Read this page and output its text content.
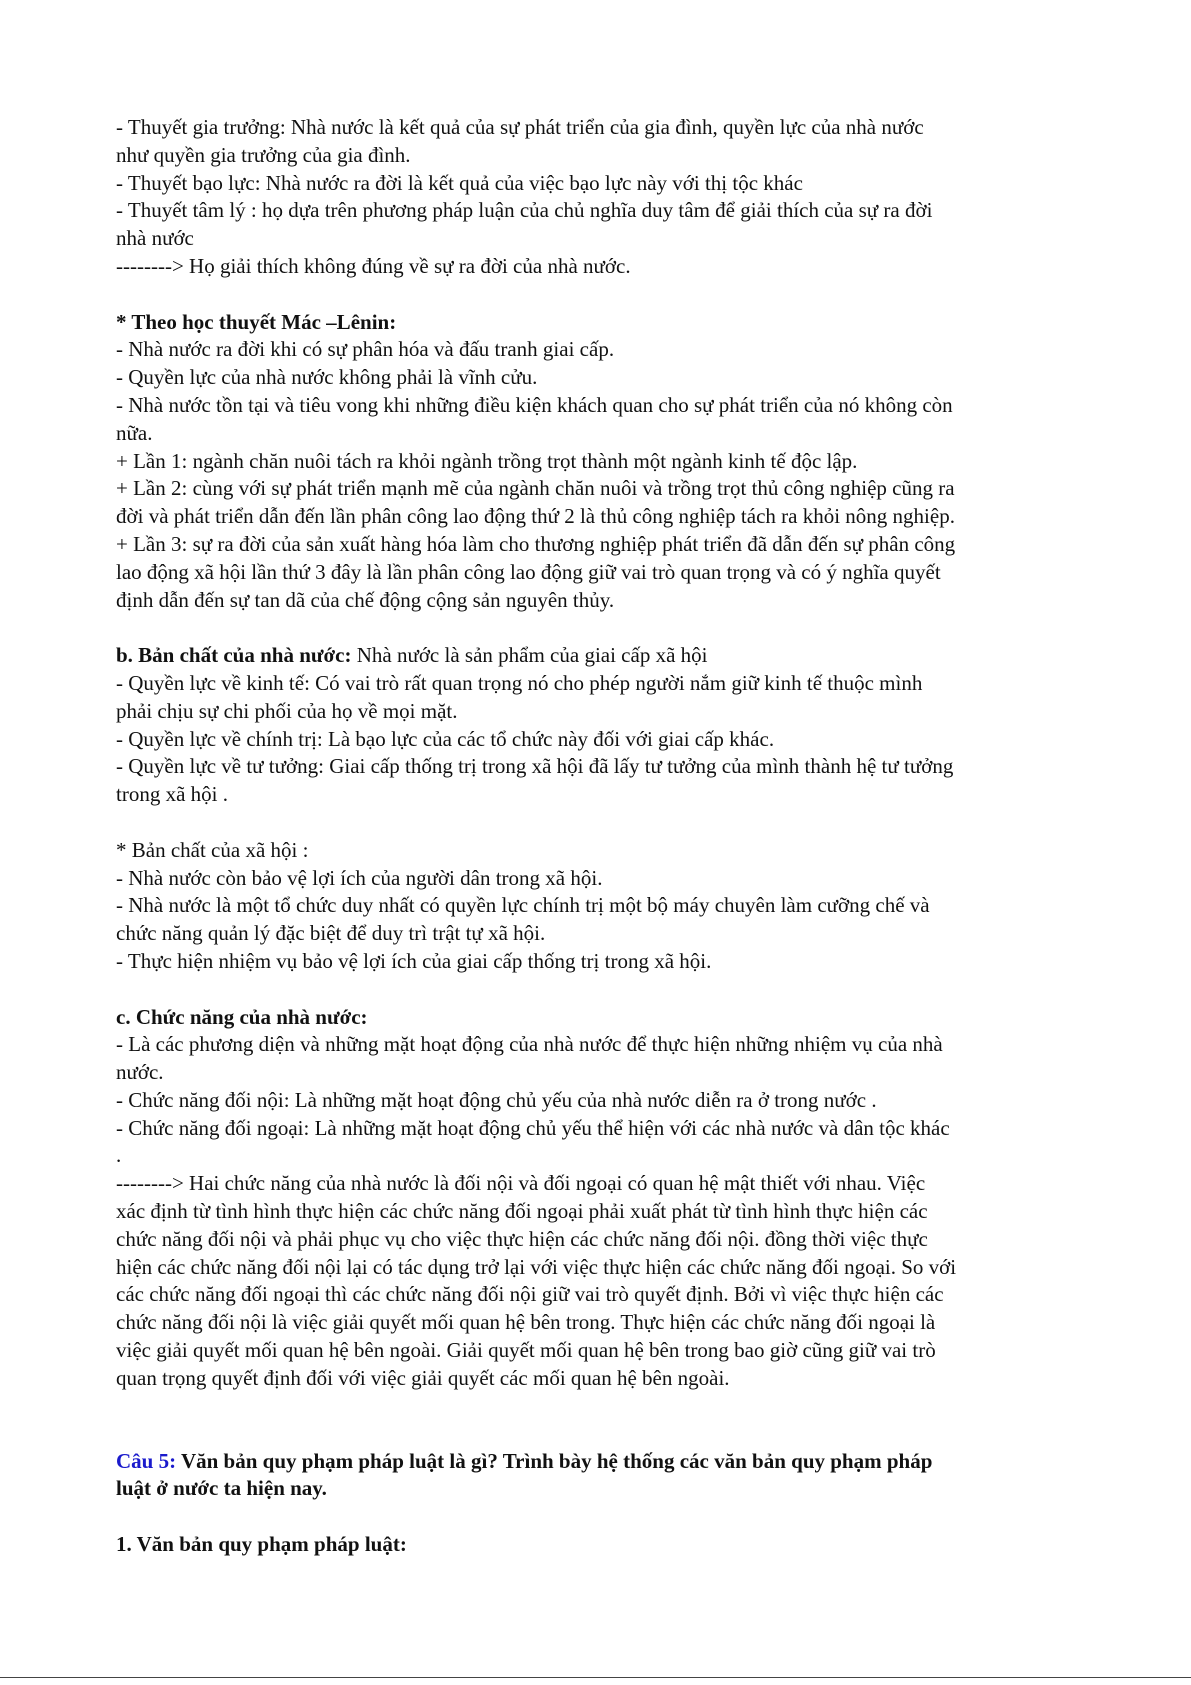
- Thuyết gia trưởng: Nhà nước là kết quả của sự phát triển của gia đình, quyền lực của nhà nước
như quyền gia trưởng của gia đình.
- Thuyết bạo lực: Nhà nước ra đời là kết quả của việc bạo lực này với thị tộc khác
- Thuyết tâm lý : họ dựa trên phương pháp luận của chủ nghĩa duy tâm để giải thích của sự ra đời
nhà nước
--------> Họ giải thích không đúng về sự ra đời của nhà nước.
* Theo học thuyết Mác –Lênin:
- Nhà nước ra đời khi có sự phân hóa và đấu tranh giai cấp.
- Quyền lực của nhà nước không phải là vĩnh cửu.
- Nhà nước tồn tại và tiêu vong khi những điều kiện khách quan cho sự phát triển của nó không còn
nữa.
+ Lần 1: ngành chăn nuôi tách ra khỏi ngành trồng trọt thành một ngành kinh tế độc lập.
+ Lần 2: cùng với sự phát triển mạnh mẽ của ngành chăn nuôi và trồng trọt thủ công nghiệp cũng ra
đời và phát triển dẫn đến lần phân công lao động thứ 2 là thủ công nghiệp tách ra khỏi nông nghiệp.
+ Lần 3: sự ra đời của sản xuất hàng hóa làm cho thương nghiệp phát triển đã dẫn đến sự phân công
lao động xã hội lần thứ 3 đây là lần phân công lao động giữ vai trò quan trọng và có ý nghĩa quyết
định dẫn đến sự tan dã của chế động cộng sản nguyên thủy.
b. Bản chất của nhà nước: Nhà nước là sản phẩm của giai cấp xã hội
- Quyền lực về kinh tế: Có vai trò rất quan trọng nó cho phép người nắm giữ kinh tế thuộc mình
phải chịu sự chi phối của họ về mọi mặt.
- Quyền lực về chính trị: Là bạo lực của các tổ chức này đối với giai cấp khác.
- Quyền lực về tư tưởng: Giai cấp thống trị trong xã hội đã lấy tư tưởng của mình thành hệ tư tưởng
trong xã hội .
* Bản chất của xã hội :
- Nhà nước còn bảo vệ lợi ích của người dân trong xã hội.
- Nhà nước là một tổ chức duy nhất có quyền lực chính trị một bộ máy chuyên làm cưỡng chế và
chức năng quản lý đặc biệt để duy trì trật tự xã hội.
- Thực hiện nhiệm vụ bảo vệ lợi ích của giai cấp thống trị trong xã hội.
c. Chức năng của nhà nước:
- Là các phương diện và những mặt hoạt động của nhà nước để thực hiện những nhiệm vụ của nhà
nước.
- Chức năng đối nội: Là những mặt hoạt động chủ yếu của nhà nước diễn ra ở trong nước .
- Chức năng đối ngoại: Là những mặt hoạt động chủ yếu thể hiện với các nhà nước và dân tộc khác
.
--------> Hai chức năng của nhà nước là đối nội và đối ngoại có quan hệ mật thiết với nhau. Việc
xác định từ tình hình thực hiện các chức năng đối ngoại phải xuất phát từ tình hình thực hiện các
chức năng đối nội và phải phục vụ cho việc thực hiện các chức năng đối nội. đồng thời việc thực
hiện các chức năng đối nội lại có tác dụng trở lại với việc thực hiện các chức năng đối ngoại. So với
các chức năng đối ngoại thì các chức năng đối nội giữ vai trò quyết định. Bởi vì việc thực hiện các
chức năng đối nội là việc giải quyết mối quan hệ bên trong. Thực hiện các chức năng đối ngoại là
việc giải quyết mối quan hệ bên ngoài. Giải quyết mối quan hệ bên trong bao giờ cũng giữ vai trò
quan trọng quyết định đối với việc giải quyết các mối quan hệ bên ngoài.
Câu 5: Văn bản quy phạm pháp luật là gì? Trình bày hệ thống các văn bản quy phạm pháp
luật ở nước ta hiện nay.
1. Văn bản quy phạm pháp luật:
